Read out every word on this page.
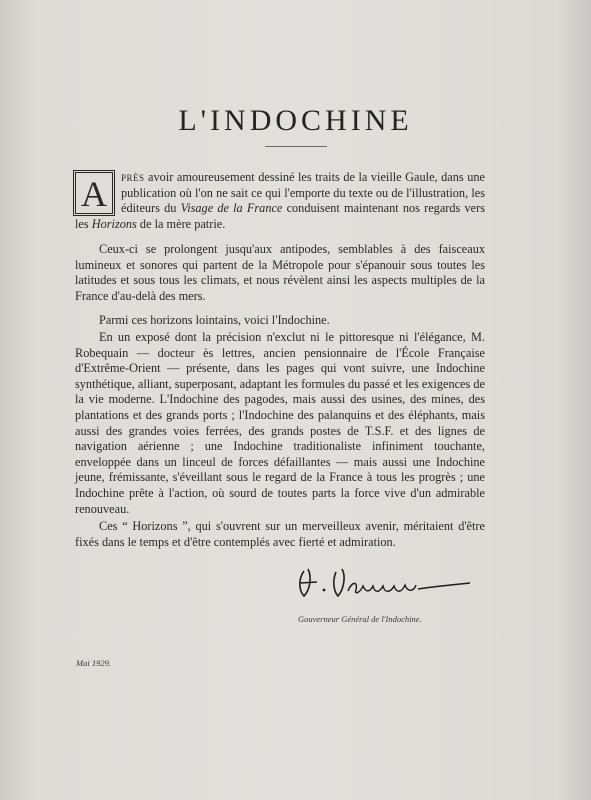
L'INDOCHINE

A	près avoir amoureusement dessiné les traits de la vieille Gaule, dans une publication où l'on ne sait ce qui l'emporte du texte ou de l'illustration, les éditeurs du Visage de la France conduisent maintenant nos regards vers les Horizons de la mère patrie.

Ceux-ci se prolongent jusqu'aux antipodes, semblables à des faisceaux lumineux et sonores qui partent de la Métropole pour s'épanouir sous toutes les latitudes et sous tous les climats, et nous révèlent ainsi les aspects multiples de la France d'au-delà des mers.

Parmi ces horizons lointains, voici l'Indochine.

En un exposé dont la précision n'exclut ni le pittoresque ni l'élégance, M. Robequain — docteur ès lettres, ancien pensionnaire de l'École Française d'Extrême-Orient — présente, dans les pages qui vont suivre, une Indochine synthétique, alliant, superposant, adaptant les formules du passé et les exigences de la vie moderne. L'Indochine des pagodes, mais aussi des usines, des mines, des plantations et des grands ports ; l'Indochine des palanquins et des éléphants, mais aussi des grandes voies ferrées, des grands postes de T.S.F. et des lignes de navigation aérienne ; une Indochine traditionaliste infiniment touchante, enveloppée dans un linceul de forces défaillantes — mais aussi une Indochine jeune, frémissante, s'éveillant sous le regard de la France à tous les progrès ; une Indochine prête à l'action, où sourd de toutes parts la force vive d'un admirable renouveau.

Ces “ Horizons ”, qui s'ouvrent sur un merveilleux avenir, méritaient d'être fixés dans le temps et d'être contemplés avec fierté et admiration.

Gouverneur Général de l'Indochine.
Mai 1929.
